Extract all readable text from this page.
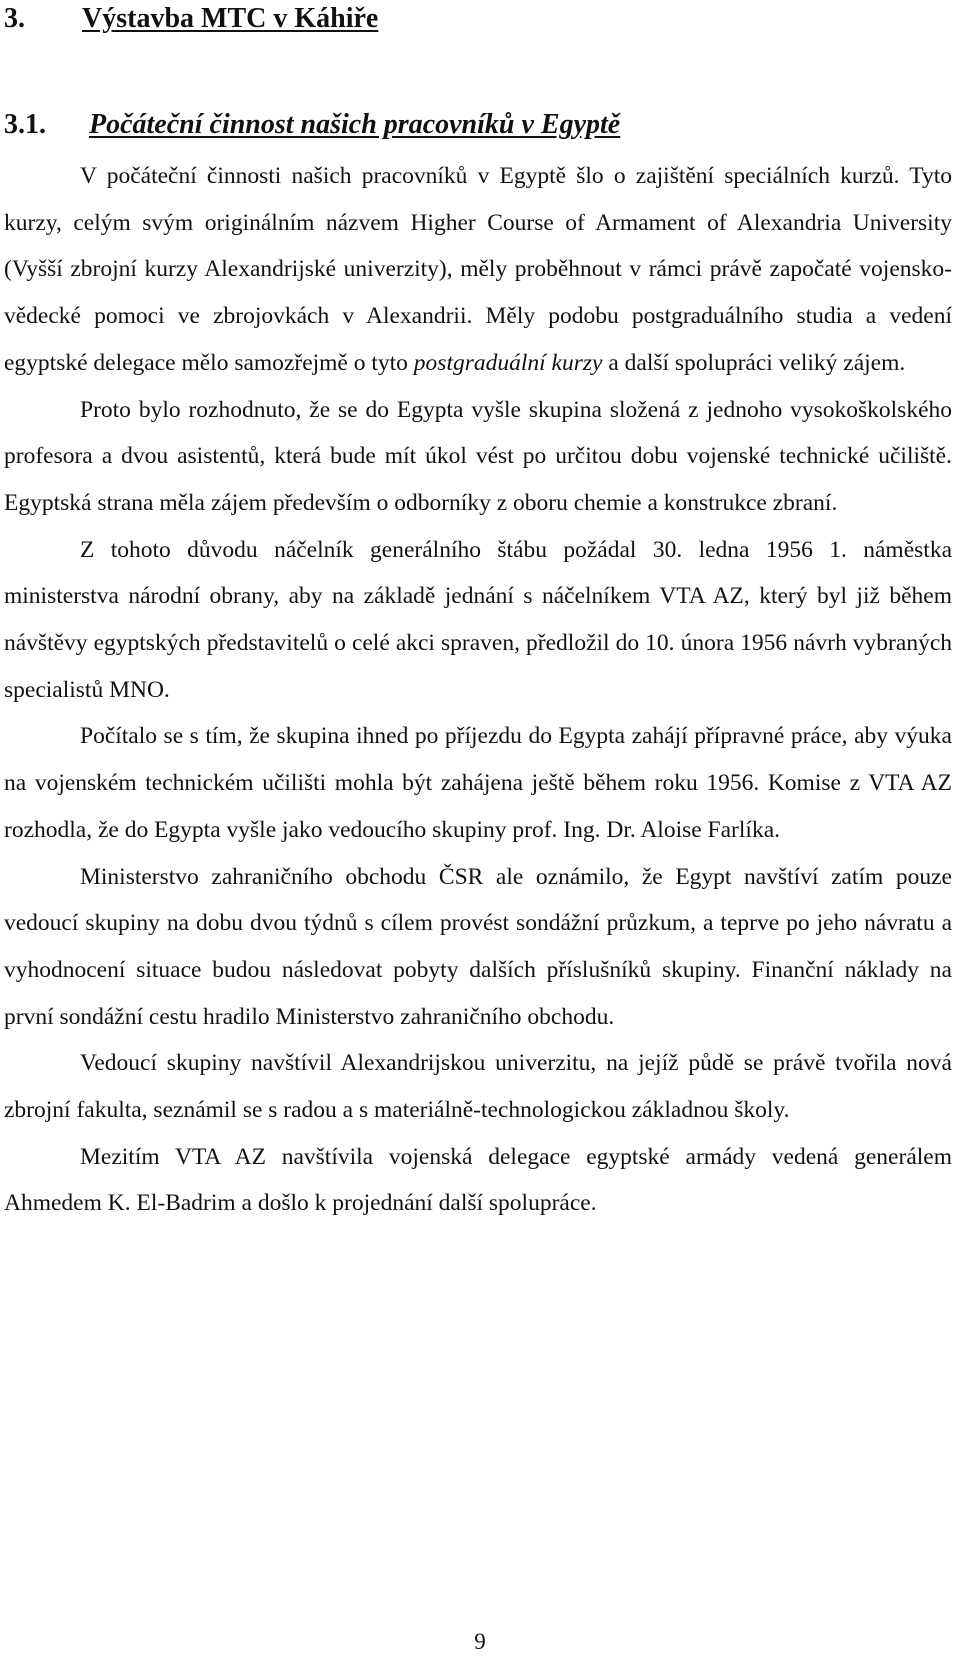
3. Výstavba MTC v Káhiře
3.1. Počáteční činnost našich pracovníků v Egyptě

V počáteční činnosti našich pracovníků v Egyptě šlo o zajištění speciálních kurzů. Tyto kurzy, celým svým originálním názvem Higher Course of Armament of Alexandria University (Vyšší zbrojní kurzy Alexandrijské univerzity), měly proběhnout v rámci právě započaté vojensko-vědecké pomoci ve zbrojovkách v Alexandrii. Měly podobu postgraduálního studia a vedení egyptské delegace mělo samozřejmě o tyto postgraduální kurzy a další spolupráci veliký zájem.

Proto bylo rozhodnuto, že se do Egypta vyšle skupina složená z jednoho vysokoškolského profesora a dvou asistentů, která bude mít úkol vést po určitou dobu vojenské technické učiliště. Egyptská strana měla zájem především o odborníky z oboru chemie a konstrukce zbraní.

Z tohoto důvodu náčelník generálního štábu požádal 30. ledna 1956 1. náměstka ministerstva národní obrany, aby na základě jednání s náčelníkem VTA AZ, který byl již během návštěvy egyptských představitelů o celé akci spraven, předložil do 10. února 1956 návrh vybraných specialistů MNO.

Počítalo se s tím, že skupina ihned po příjezdu do Egypta zahájí přípravné práce, aby výuka na vojenském technickém učilišti mohla být zahájena ještě během roku 1956. Komise z VTA AZ rozhodla, že do Egypta vyšle jako vedoucího skupiny prof. Ing. Dr. Aloise Farlíka.

Ministerstvo zahraničního obchodu ČSR ale oznámilo, že Egypt navštíví zatím pouze vedoucí skupiny na dobu dvou týdnů s cílem provést sondážní průzkum, a teprve po jeho návratu a vyhodnocení situace budou následovat pobyty dalších příslušníků skupiny. Finanční náklady na první sondážní cestu hradilo Ministerstvo zahraničního obchodu.

Vedoucí skupiny navštívil Alexandrijskou univerzitu, na jejíž půdě se právě tvořila nová zbrojní fakulta, seznámil se s radou a s materiálně-technologickou základnou školy.

Mezitím VTA AZ navštívila vojenská delegace egyptské armády vedená generálem Ahmedem K. El-Badrim a došlo k projednání další spolupráce.

9
